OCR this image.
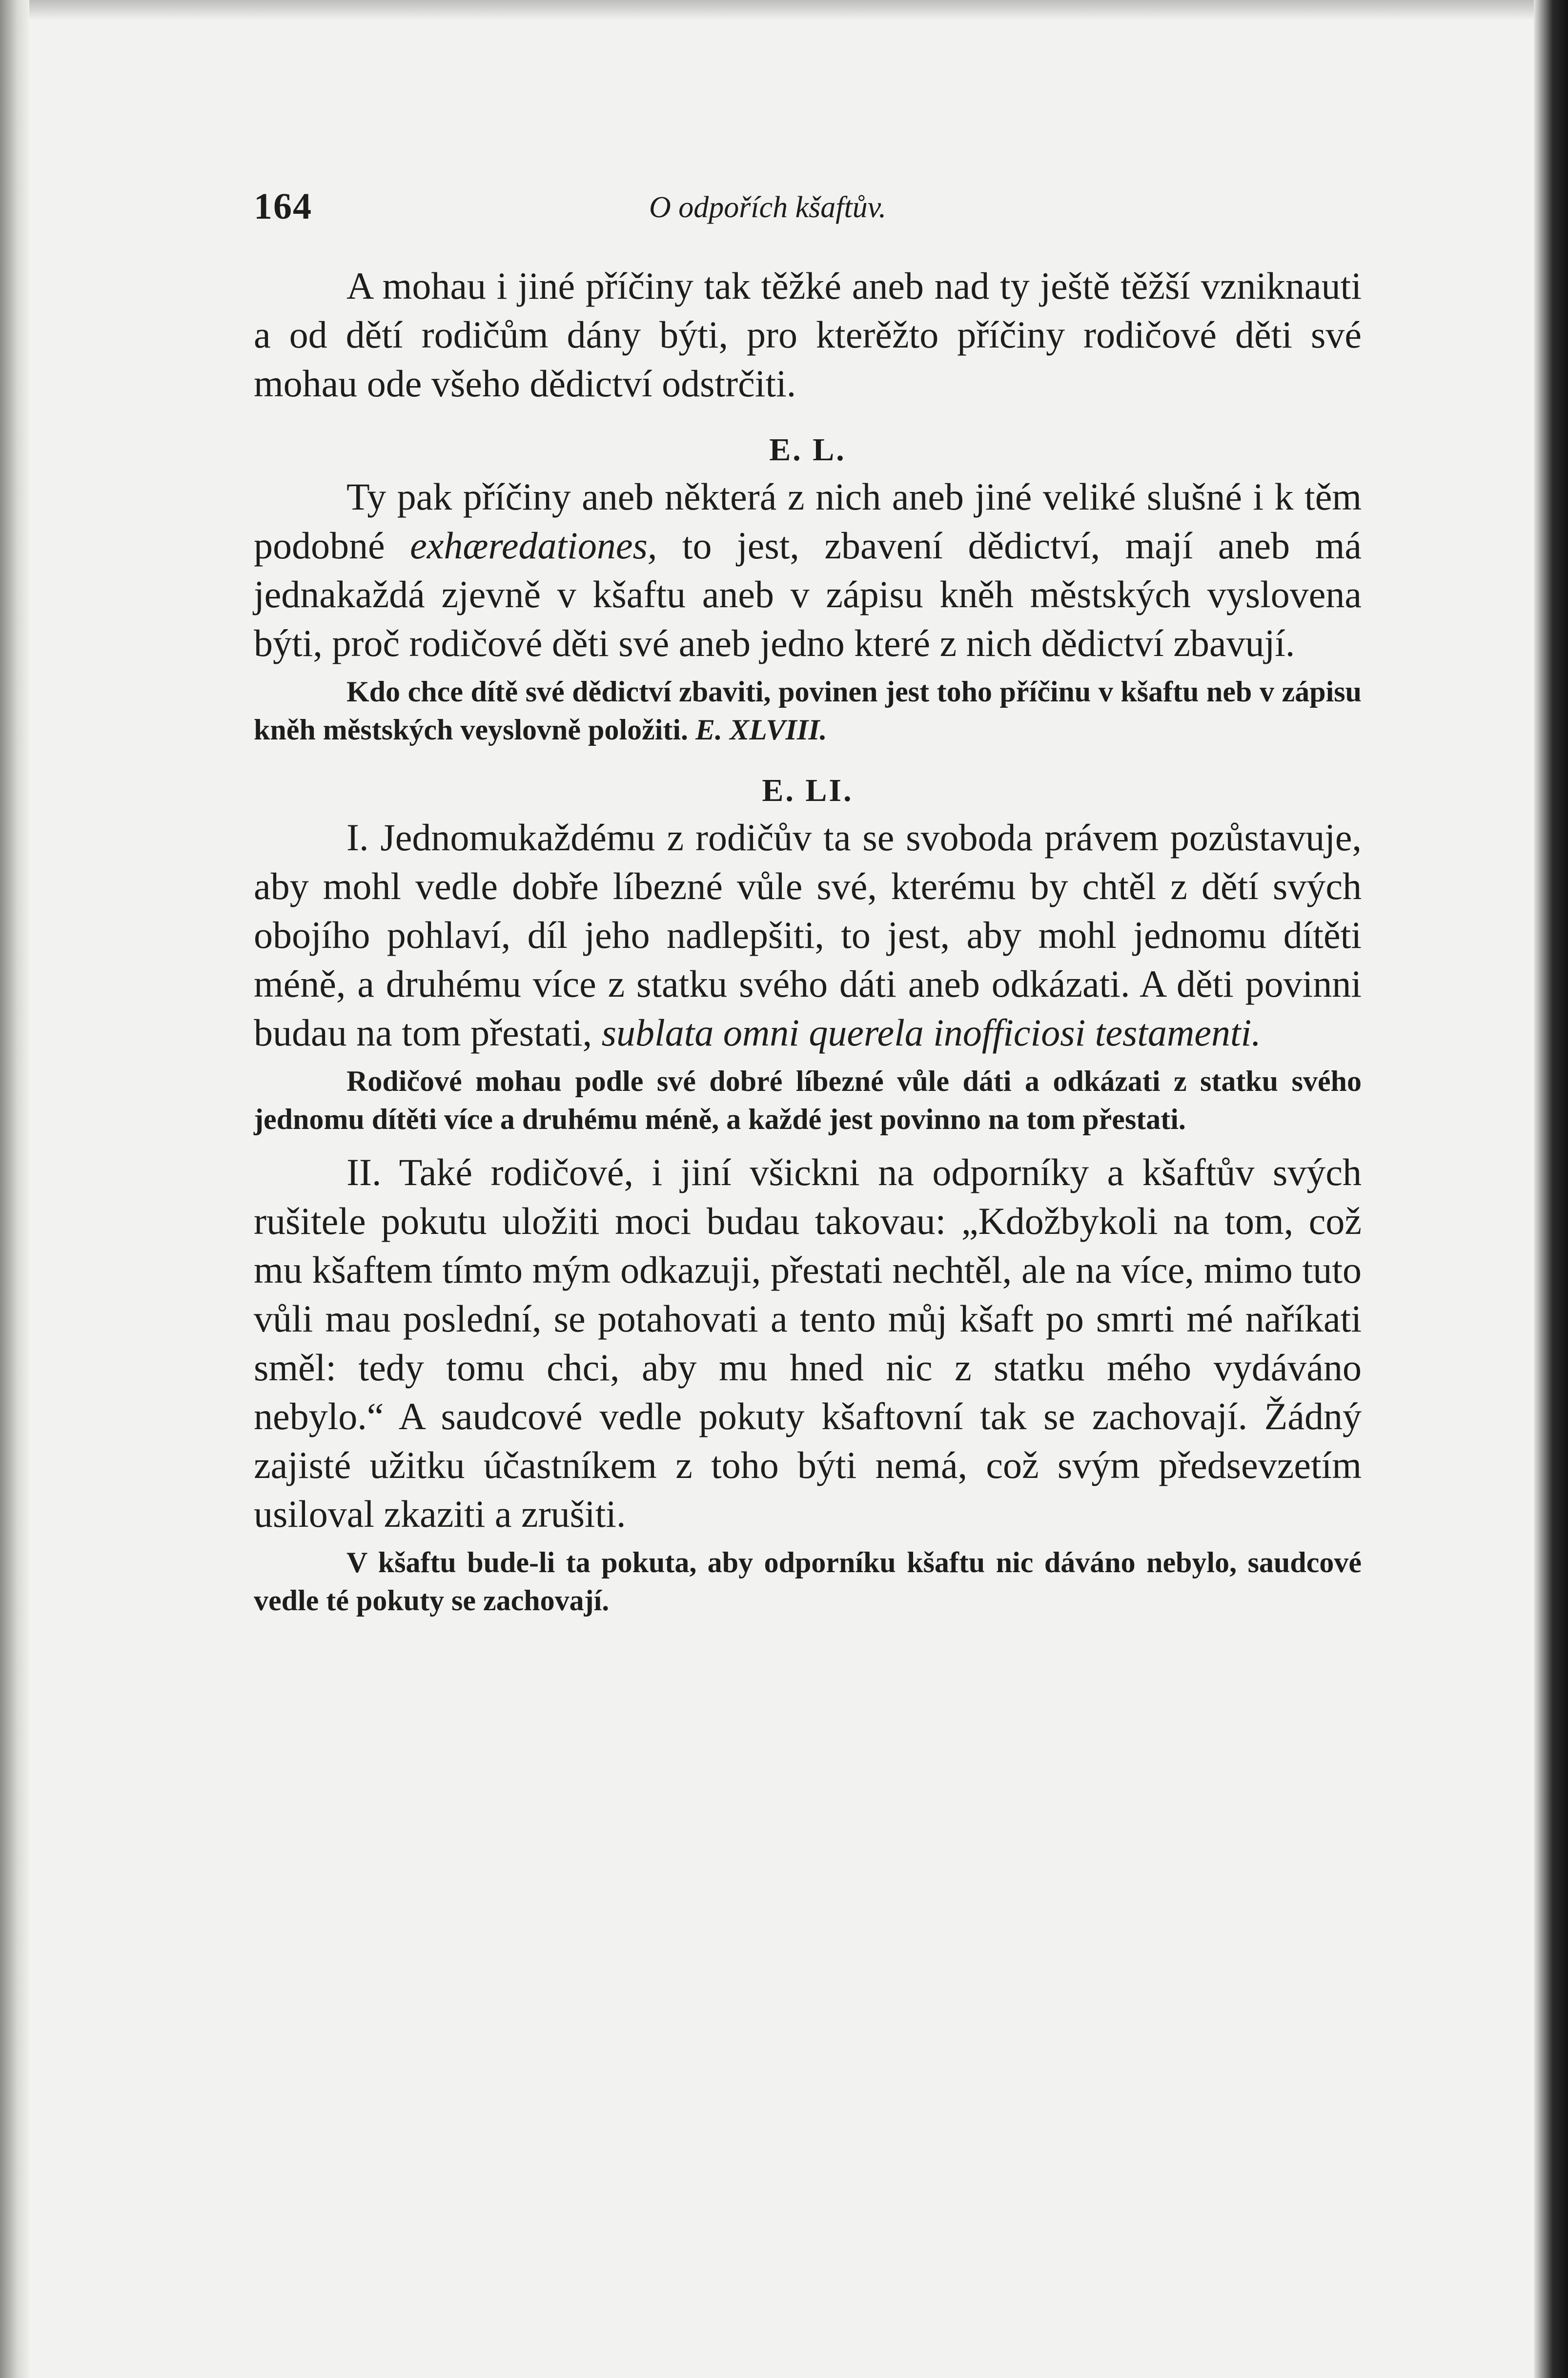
164	O odpořích kšaftův.

A mohau i jiné příčiny tak těžké aneb nad ty ještě těžší vzniknauti a od dětí rodičům dány býti, pro kterěžto příčiny rodičové děti své mohau ode všeho dědictví odstrčiti.

E. L.

Ty pak příčiny aneb některá z nich aneb jiné veliké slušné i k těm podobné exhæredationes, to jest, zbavení dědictví, mají aneb má jednakaždá zjevně v kšaftu aneb v zápisu kněh městských vyslovena býti, proč rodičové děti své aneb jedno které z nich dědictví zbavují.

Kdo chce dítě své dědictví zbaviti, povinen jest toho příčinu v kšaftu neb v zápisu kněh městských veyslovně položiti. E. XLVIII.

E. LI.

I. Jednomukaždému z rodičův ta se svoboda právem pozůstavuje, aby mohl vedle dobře líbezné vůle své, kterému by chtěl z dětí svých obojího pohlaví, díl jeho nadlepšiti, to jest, aby mohl jednomu dítěti méně, a druhému více z statku svého dáti aneb odkázati. A děti povinni budau na tom přestati, sublata omni querela inofficiosi testamenti.

Rodičové mohau podle své dobré líbezné vůle dáti a odkázati z statku svého jednomu dítěti více a druhému méně, a každé jest povinno na tom přestati.

II. Také rodičové, i jiní všickni na odporníky a kšaftův svých rušitele pokutu uložiti moci budau takovau: „Kdožbykoli na tom, což mu kšaftem tímto mým odkazuji, přestati nechtěl, ale na více, mimo tuto vůli mau poslední, se potahovati a tento můj kšaft po smrti mé naříkati směl: tedy tomu chci, aby mu hned nic z statku mého vydáváno nebylo.“ A saudcové vedle pokuty kšaftovní tak se zachovají. Žádný zajisté užitku účastníkem z toho býti nemá, což svým předsevzetím usiloval zkaziti a zrušiti.

V kšaftu bude-li ta pokuta, aby odporníku kšaftu nic dáváno nebylo, saudcové vedle té pokuty se zachovají.
